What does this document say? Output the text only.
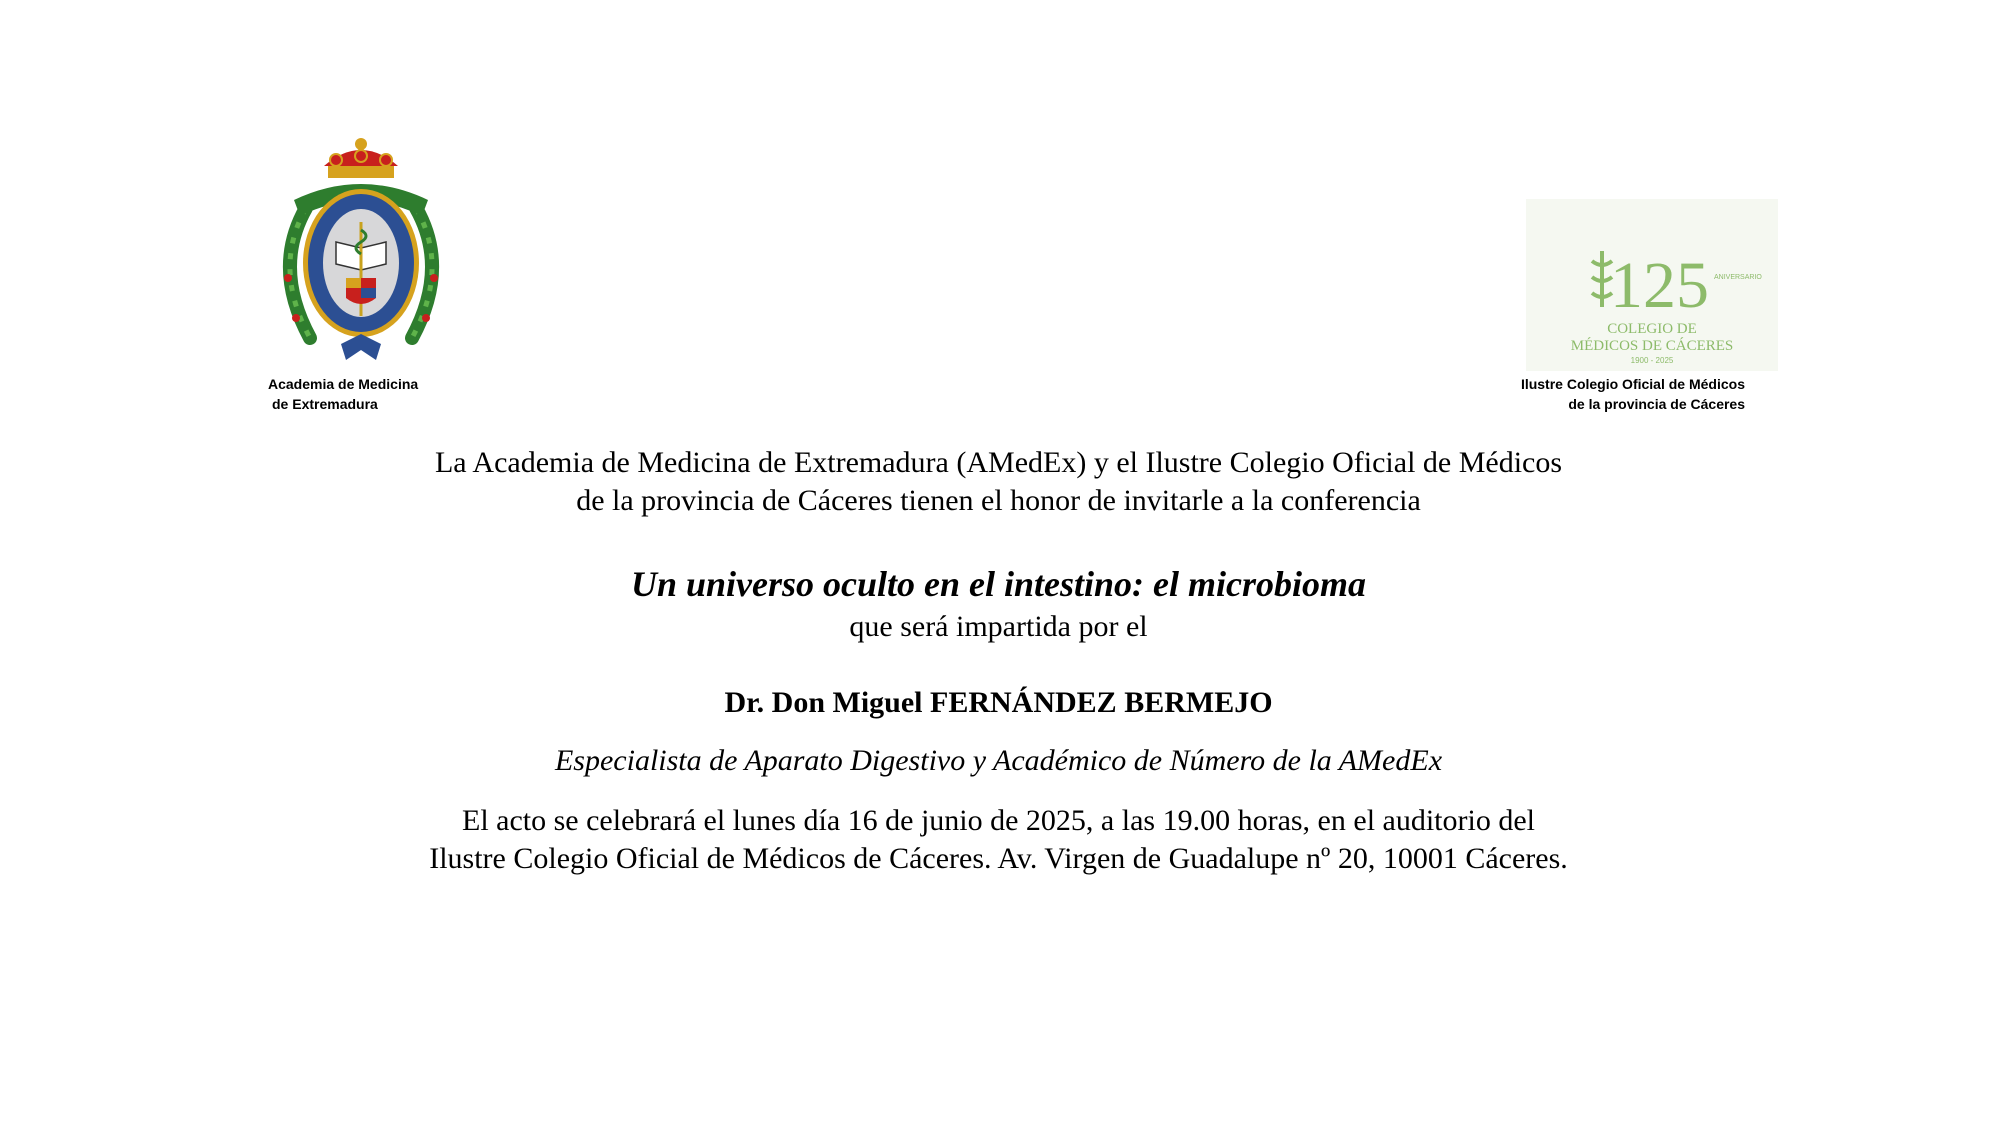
Academia de Medicina
de Extremadura
125 ANIVERSARIO
COLEGIO DE
MÉDICOS DE CÁCERES
1900 - 2025
Ilustre Colegio Oficial de Médicos
de la provincia de Cáceres
La Academia de Medicina de Extremadura (AMedEx) y el Ilustre Colegio Oficial de Médicos
de la provincia de Cáceres tienen el honor de invitarle a la conferencia
Un universo oculto en el intestino: el microbioma
que será impartida por el
Dr. Don Miguel FERNÁNDEZ BERMEJO
Especialista de Aparato Digestivo y Académico de Número de la AMedEx
El acto se celebrará el lunes día 16 de junio de 2025, a las 19.00 horas, en el auditorio del
Ilustre Colegio Oficial de Médicos de Cáceres. Av. Virgen de Guadalupe nº 20, 10001 Cáceres.
